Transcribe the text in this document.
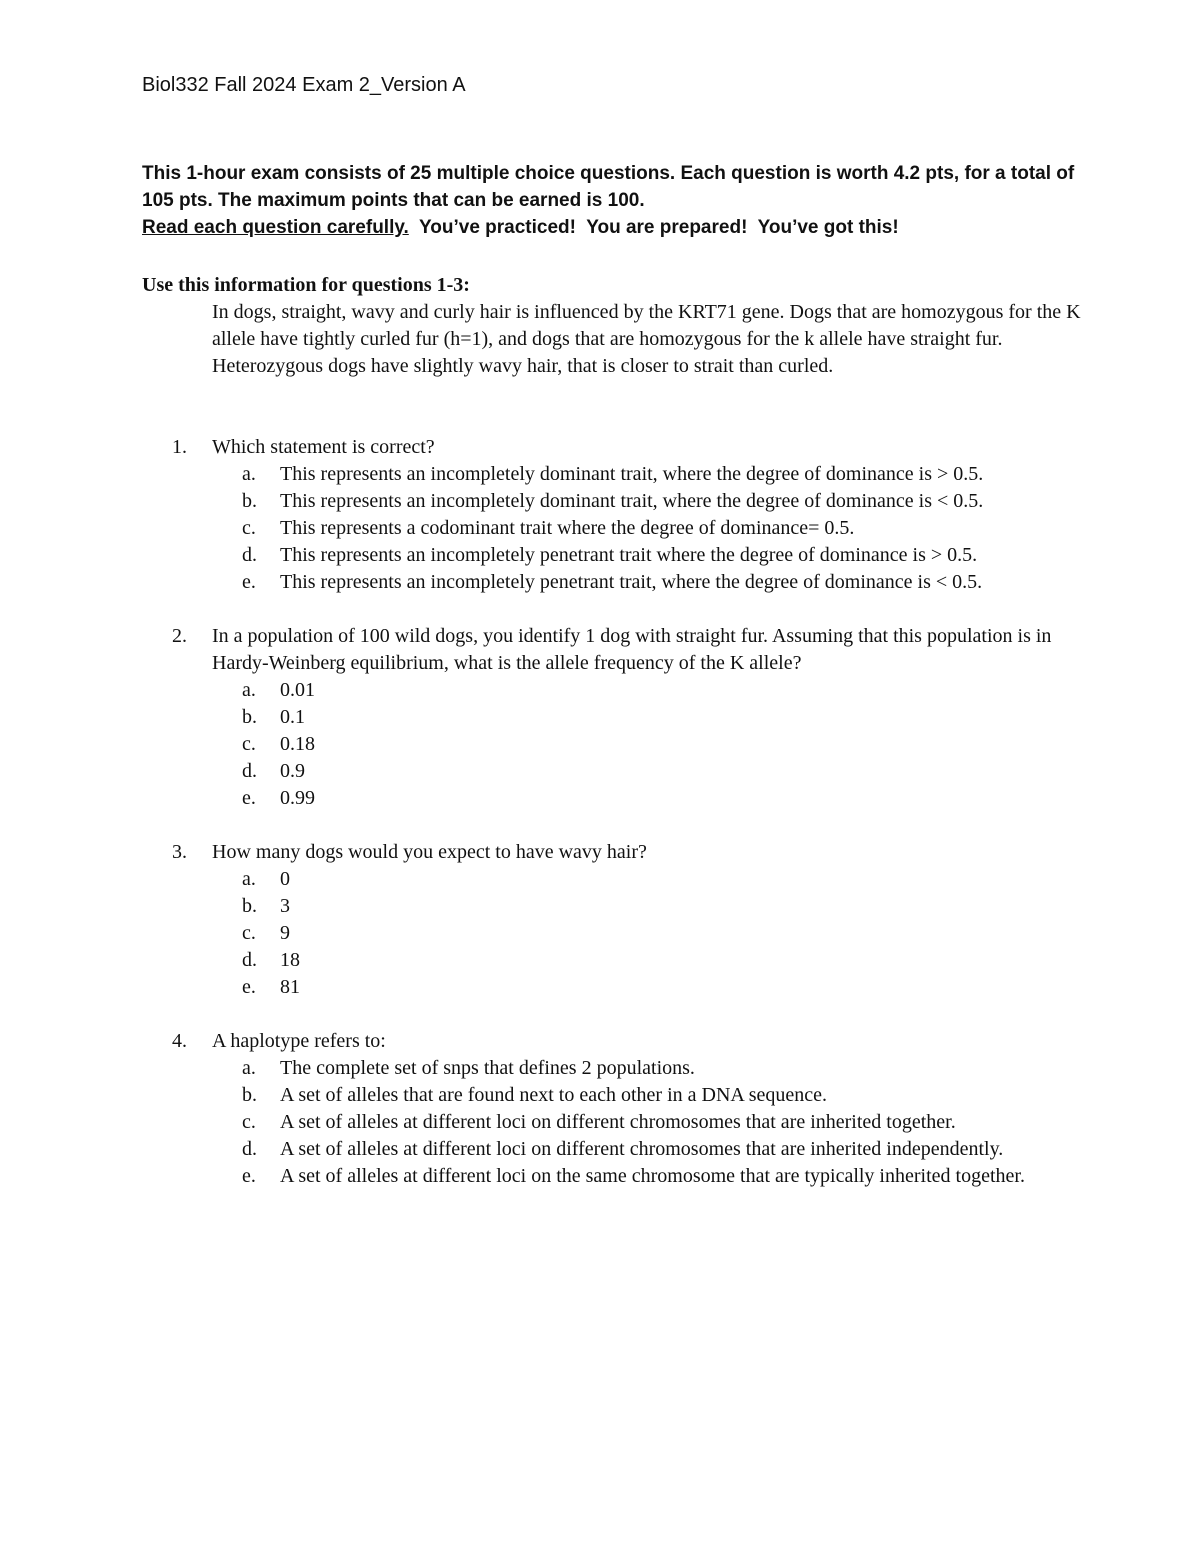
Biol332 Fall 2024 Exam 2_Version A

This 1-hour exam consists of 25 multiple choice questions. Each question is worth 4.2 pts, for a total of 105 pts. The maximum points that can be earned is 100.

Read each question carefully.  You’ve practiced!  You are prepared!  You’ve got this!

Use this information for questions 1-3:

In dogs, straight, wavy and curly hair is influenced by the KRT71 gene. Dogs that are homozygous for the K allele have tightly curled fur (h=1), and dogs that are homozygous for the k allele have straight fur. Heterozygous dogs have slightly wavy hair, that is closer to strait than curled.

1.	Which statement is correct?
a.	This represents an incompletely dominant trait, where the degree of dominance is > 0.5.
b.	This represents an incompletely dominant trait, where the degree of dominance is < 0.5.
c.	This represents a codominant trait where the degree of dominance= 0.5.
d.	This represents an incompletely penetrant trait where the degree of dominance is > 0.5.
e.	This represents an incompletely penetrant trait, where the degree of dominance is < 0.5.
2.	In a population of 100 wild dogs, you identify 1 dog with straight fur. Assuming that this population is in Hardy-Weinberg equilibrium, what is the allele frequency of the K allele?
a.	0.01
b.	0.1
c.	0.18
d.	0.9
e.	0.99
3.	How many dogs would you expect to have wavy hair?
a.	0
b.	3
c.	9
d.	18
e.	81
4.	A haplotype refers to:
a.	The complete set of snps that defines 2 populations.
b.	A set of alleles that are found next to each other in a DNA sequence.
c.	A set of alleles at different loci on different chromosomes that are inherited together.
d.	A set of alleles at different loci on different chromosomes that are inherited independently.
e.	A set of alleles at different loci on the same chromosome that are typically inherited together.
